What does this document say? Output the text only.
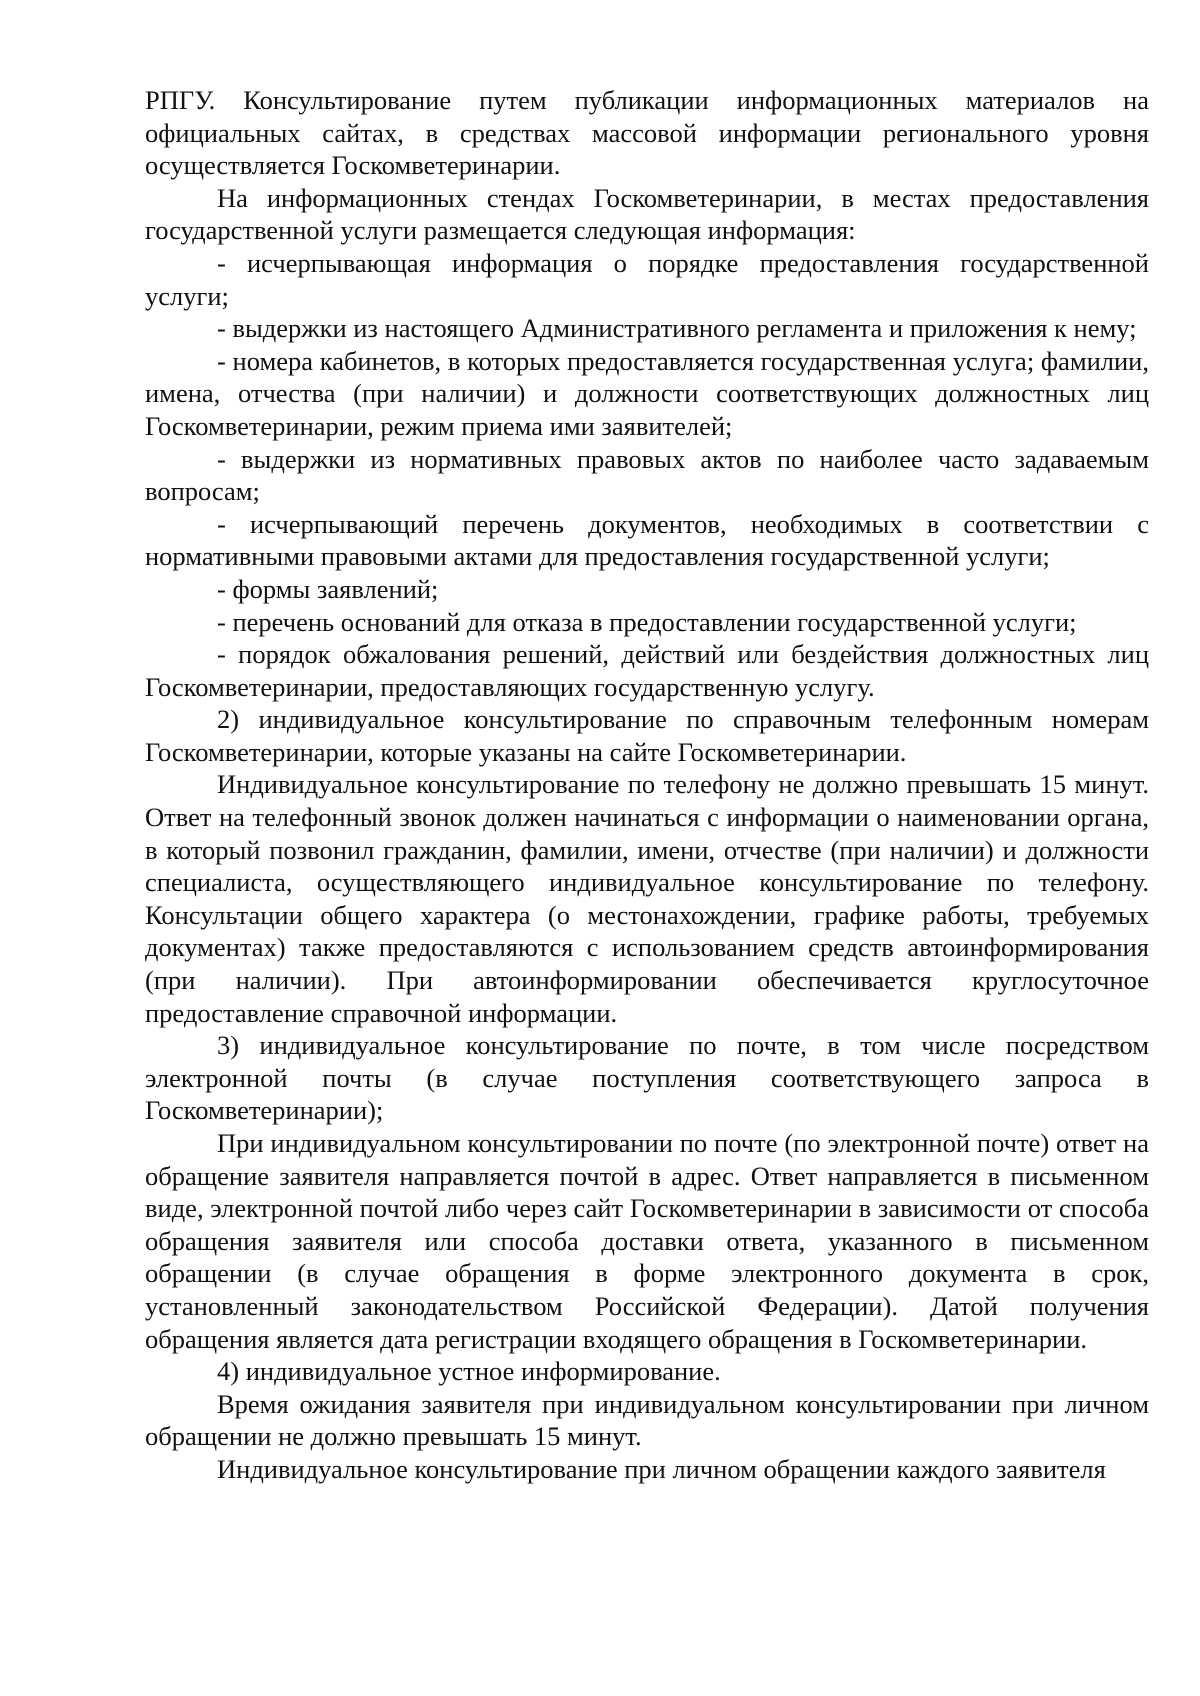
РПГУ. Консультирование путем публикации информационных материалов на официальных сайтах, в средствах массовой информации регионального уровня осуществляется Госкомветеринарии.

На информационных стендах Госкомветеринарии, в местах предоставления государственной услуги размещается следующая информация:

- исчерпывающая информация о порядке предоставления государственной услуги;

- выдержки из настоящего Административного регламента и приложения к нему;

- номера кабинетов, в которых предоставляется государственная услуга; фамилии, имена, отчества (при наличии) и должности соответствующих должностных лиц Госкомветеринарии, режим приема ими заявителей;

- выдержки из нормативных правовых актов по наиболее часто задаваемым вопросам;

- исчерпывающий перечень документов, необходимых в соответствии с нормативными правовыми актами для предоставления государственной услуги;

- формы заявлений;

- перечень оснований для отказа в предоставлении государственной услуги;

- порядок обжалования решений, действий или бездействия должностных лиц Госкомветеринарии, предоставляющих государственную услугу.

2) индивидуальное консультирование по справочным телефонным номерам Госкомветеринарии, которые указаны на сайте Госкомветеринарии.

Индивидуальное консультирование по телефону не должно превышать 15 минут. Ответ на телефонный звонок должен начинаться с информации о наименовании органа, в который позвонил гражданин, фамилии, имени, отчестве (при наличии) и должности специалиста, осуществляющего индивидуальное консультирование по телефону. Консультации общего характера (о местонахождении, графике работы, требуемых документах) также предоставляются с использованием средств автоинформирования (при наличии). При автоинформировании обеспечивается круглосуточное предоставление справочной информации.

3) индивидуальное консультирование по почте, в том числе посредством электронной почты (в случае поступления соответствующего запроса в Госкомветеринарии);

При индивидуальном консультировании по почте (по электронной почте) ответ на обращение заявителя направляется почтой в адрес. Ответ направляется в письменном виде, электронной почтой либо через сайт Госкомветеринарии в зависимости от способа обращения заявителя или способа доставки ответа, указанного в письменном обращении (в случае обращения в форме электронного документа в срок, установленный законодательством Российской Федерации). Датой получения обращения является дата регистрации входящего обращения в Госкомветеринарии.

4) индивидуальное устное информирование.

Время ожидания заявителя при индивидуальном консультировании при личном обращении не должно превышать 15 минут.

Индивидуальное консультирование при личном обращении каждого заявителя
